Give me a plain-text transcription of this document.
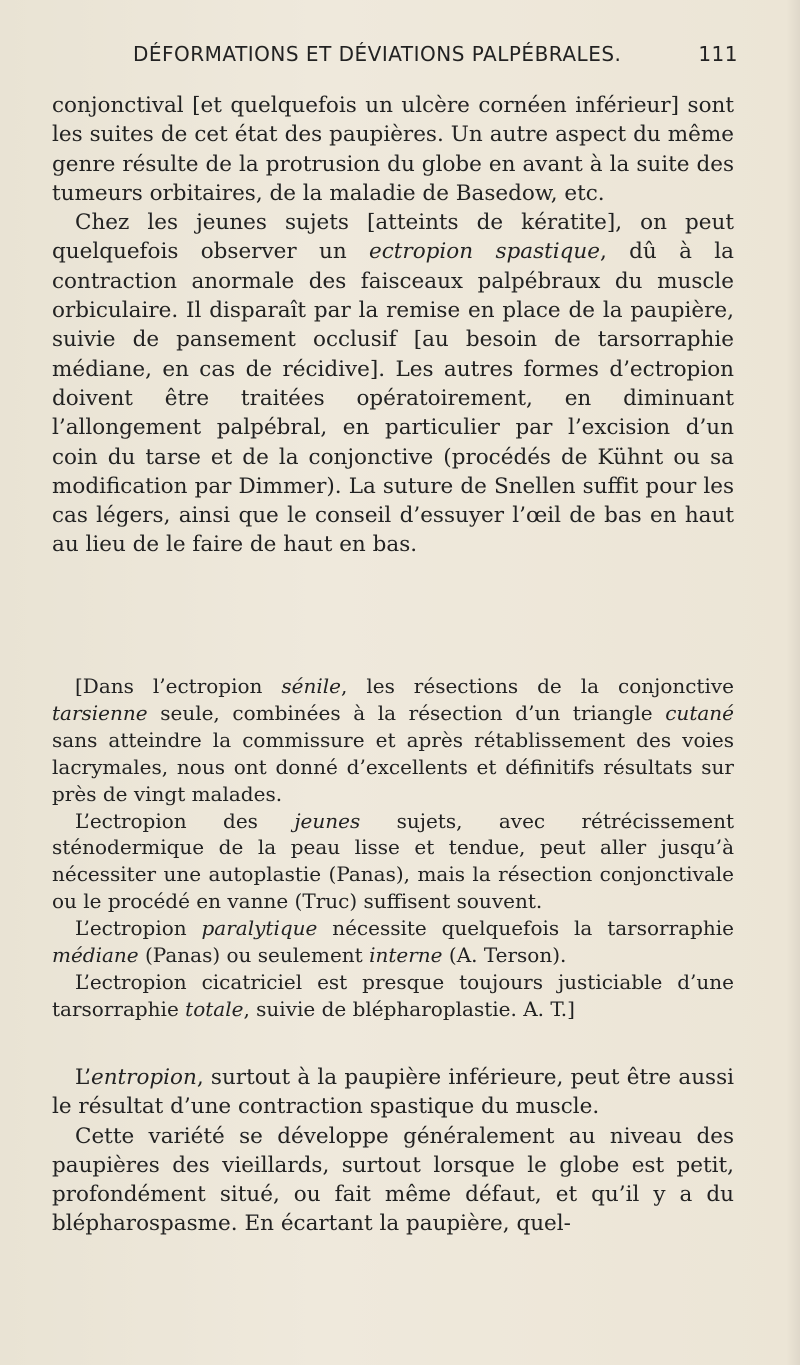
DÉFORMATIONS ET DÉVIATIONS PALPÉBRALES.	111

conjonctival [et quelquefois un ulcère cornéen inférieur] sont les suites de cet état des paupières. Un autre aspect du même genre résulte de la protrusion du globe en avant à la suite des tumeurs orbitaires, de la maladie de Basedow, etc.

Chez les jeunes sujets [atteints de kératite], on peut quelquefois observer un ectropion spastique, dû à la contraction anormale des faisceaux palpébraux du muscle orbiculaire. Il disparaît par la remise en place de la paupière, suivie de pansement occlusif [au besoin de tarsorraphie médiane, en cas de récidive]. Les autres formes d’ectropion doivent être traitées opératoirement, en diminuant l’allongement palpébral, en particulier par l’excision d’un coin du tarse et de la conjonctive (procédés de Kühnt ou sa modification par Dimmer). La suture de Snellen suffit pour les cas légers, ainsi que le conseil d’essuyer l’œil de bas en haut au lieu de le faire de haut en bas.

[Dans l’ectropion sénile, les résections de la conjonctive tarsienne seule, combinées à la résection d’un triangle cutané sans atteindre la commissure et après rétablissement des voies lacrymales, nous ont donné d’excellents et définitifs résultats sur près de vingt malades.

L’ectropion des jeunes sujets, avec rétrécissement sténodermique de la peau lisse et tendue, peut aller jusqu’à nécessiter une autoplastie (Panas), mais la résection conjonctivale ou le procédé en vanne (Truc) suffisent souvent.

L’ectropion paralytique nécessite quelquefois la tarsorraphie médiane (Panas) ou seulement interne (A. Terson).

L’ectropion cicatriciel est presque toujours justiciable d’une tarsorraphie totale, suivie de blépharoplastie. A. T.]

L’entropion, surtout à la paupière inférieure, peut être aussi le résultat d’une contraction spastique du muscle.

Cette variété se développe généralement au niveau des paupières des vieillards, surtout lorsque le globe est petit, profondément situé, ou fait même défaut, et qu’il y a du blépharospasme. En écartant la paupière, quel-
